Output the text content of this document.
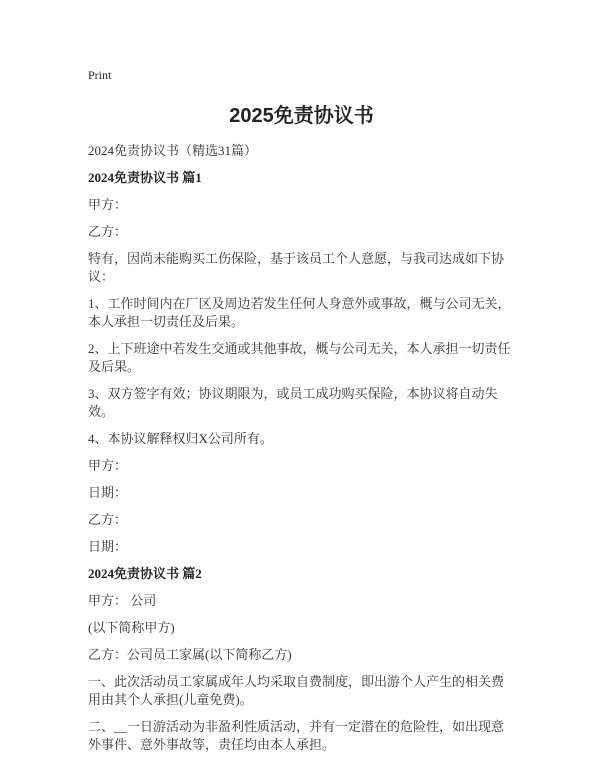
Print
2025免责协议书

2024免责协议书（精选31篇）

2024免责协议书 篇1

甲方：

乙方：

特有，因尚未能购买工伤保险，基于该员工个人意愿，与我司达成如下协议：

1、工作时间内在厂区及周边若发生任何人身意外或事故，概与公司无关，本人承担一切责任及后果。

2、上下班途中若发生交通或其他事故，概与公司无关，本人承担一切责任及后果。

3、双方签字有效；协议期限为，或员工成功购买保险，本协议将自动失效。

4、本协议解释权归X公司所有。

甲方：

日期：

乙方：

日期：

2024免责协议书 篇2

甲方： 公司

(以下简称甲方)

乙方：公司员工家属(以下简称乙方)

一、此次活动员工家属成年人均采取自费制度，即出游个人产生的相关费用由其个人承担(儿童免费)。

二、__一日游活动为非盈利性质活动，并有一定潜在的危险性，如出现意外事件、意外事故等，责任均由本人承担。
